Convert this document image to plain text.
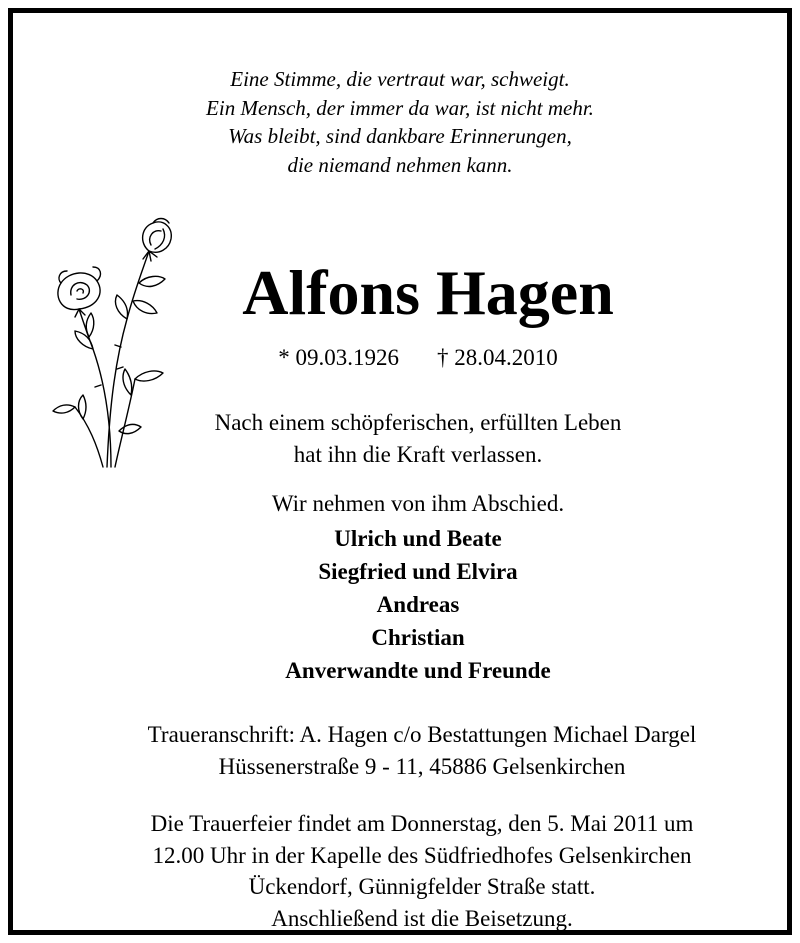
Eine Stimme, die vertraut war, schweigt.
Ein Mensch, der immer da war, ist nicht mehr.
Was bleibt, sind dankbare Erinnerungen,
die niemand nehmen kann.
Alfons Hagen
* 09.03.1926 † 28.04.2010
Nach einem schöpferischen, erfüllten Leben
hat ihn die Kraft verlassen.
Wir nehmen von ihm Abschied.
Ulrich und Beate
Siegfried und Elvira
Andreas
Christian
Anverwandte und Freunde
Traueranschrift: A. Hagen c/o Bestattungen Michael Dargel
Hüssenerstraße 9 - 11, 45886 Gelsenkirchen
Die Trauerfeier findet am Donnerstag, den 5. Mai 2011 um
12.00 Uhr in der Kapelle des Südfriedhofes Gelsenkirchen
Ückendorf, Günnigfelder Straße statt.
Anschließend ist die Beisetzung.
